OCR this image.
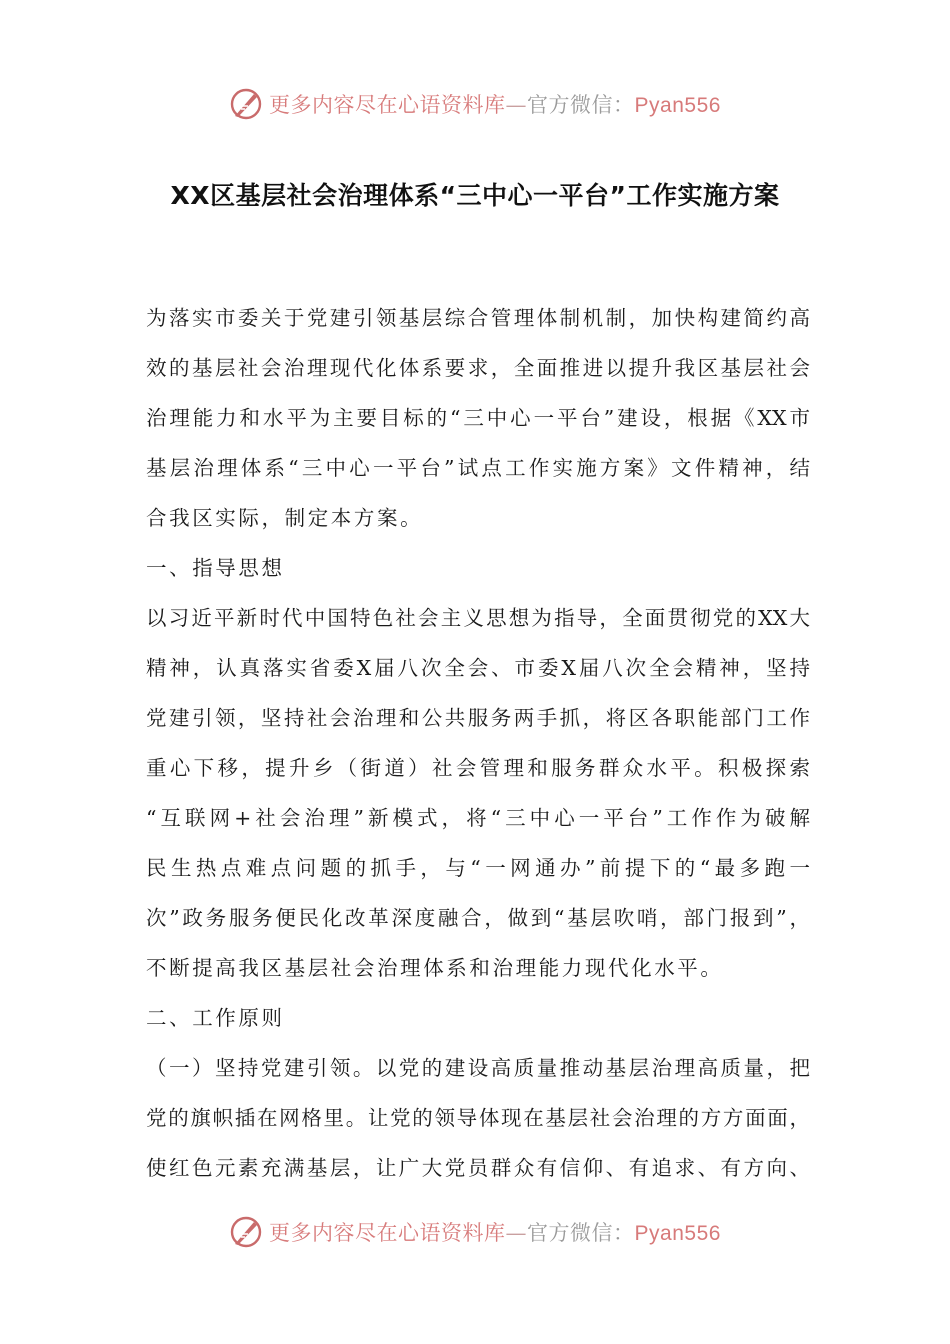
更多内容尽在心语资料库—官方微信：Pyan556
XX区基层社会治理体系“三中心一平台”工作实施方案
为落实市委关于党建引领基层综合管理体制机制，加快构建简约高
效的基层社会治理现代化体系要求，全面推进以提升我区基层社会
治理能力和水平为主要目标的“三中心一平台”建设，根据《XX市
基层治理体系“三中心一平台”试点工作实施方案》文件精神，结
合我区实际，制定本方案。
一、指导思想
以习近平新时代中国特色社会主义思想为指导，全面贯彻党的XX大
精神，认真落实省委X届八次全会、市委X届八次全会精神，坚持
党建引领，坚持社会治理和公共服务两手抓，将区各职能部门工作
重心下移，提升乡（街道）社会管理和服务群众水平。积极探索
“互联网+社会治理”新模式，将“三中心一平台”工作作为破解
民生热点难点问题的抓手，与“一网通办”前提下的“最多跑一
次”政务服务便民化改革深度融合，做到“基层吹哨，部门报到”，
不断提高我区基层社会治理体系和治理能力现代化水平。
二、工作原则
（一）坚持党建引领。以党的建设高质量推动基层治理高质量，把
党的旗帜插在网格里。让党的领导体现在基层社会治理的方方面面，
使红色元素充满基层，让广大党员群众有信仰、有追求、有方向、
更多内容尽在心语资料库—官方微信：Pyan556
